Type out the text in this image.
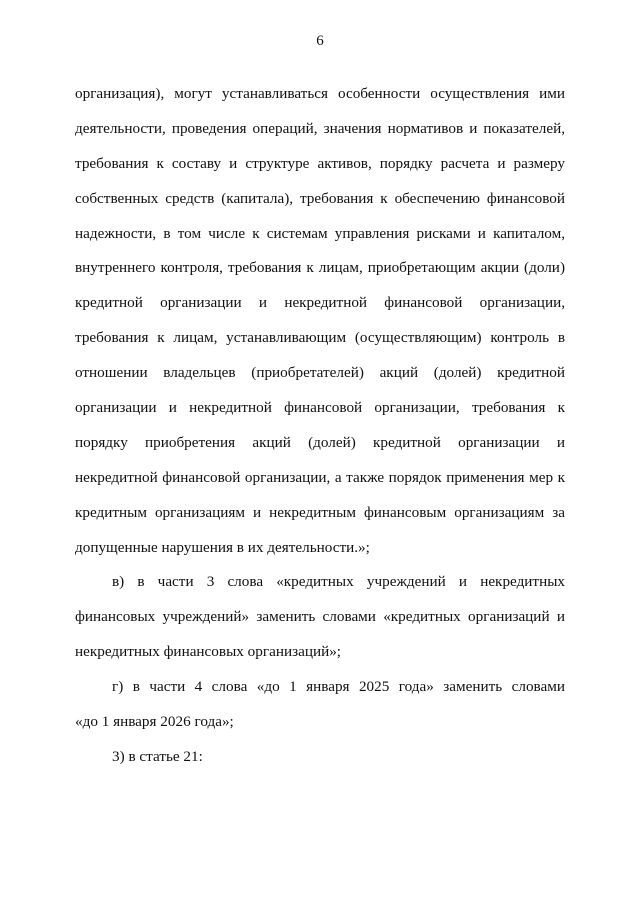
6
организация), могут устанавливаться особенности осуществления ими
деятельности, проведения операций, значения нормативов и показателей,
требования к составу и структуре активов, порядку расчета и размеру
собственных средств (капитала), требования к обеспечению финансовой
надежности, в том числе к системам управления рисками и капиталом,
внутреннего контроля, требования к лицам, приобретающим акции (доли)
кредитной организации и некредитной финансовой организации,
требования к лицам, устанавливающим (осуществляющим) контроль в
отношении владельцев (приобретателей) акций (долей) кредитной
организации и некредитной финансовой организации, требования к
порядку приобретения акций (долей) кредитной организации и
некредитной финансовой организации, а также порядок применения мер к
кредитным организациям и некредитным финансовым организациям за
допущенные нарушения в их деятельности.»;
в) в части 3 слова «кредитных учреждений и некредитных
финансовых учреждений» заменить словами «кредитных организаций и
некредитных финансовых организаций»;
г) в части 4 слова «до 1 января 2025 года» заменить словами
«до 1 января 2026 года»;
3) в статье 21:
